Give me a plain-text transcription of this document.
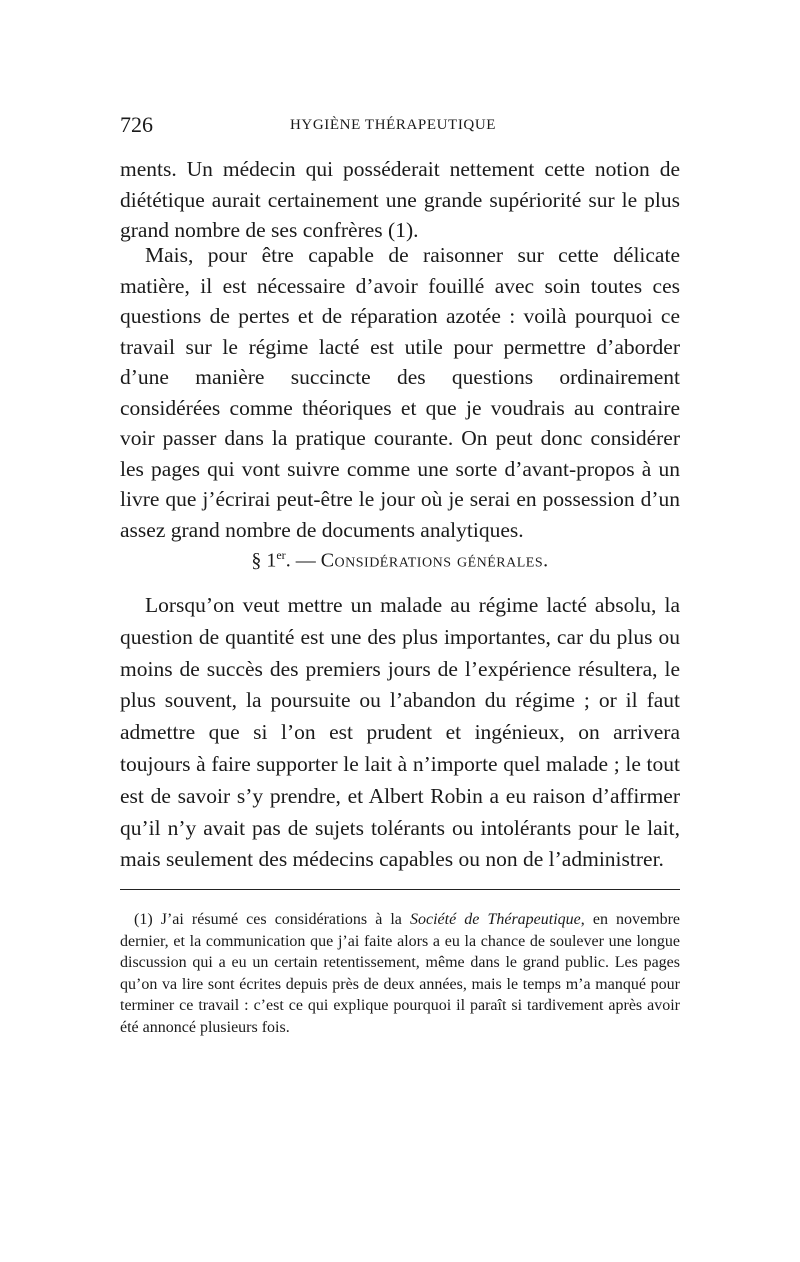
726	HYGIÈNE THÉRAPEUTIQUE

ments. Un médecin qui posséderait nettement cette notion de diététique aurait certainement une grande supériorité sur le plus grand nombre de ses confrères (1).

Mais, pour être capable de raisonner sur cette délicate matière, il est nécessaire d’avoir fouillé avec soin toutes ces questions de pertes et de réparation azotée : voilà pourquoi ce travail sur le régime lacté est utile pour permettre d’aborder d’une manière succincte des questions ordinairement considérées comme théoriques et que je voudrais au contraire voir passer dans la pratique courante. On peut donc considérer les pages qui vont suivre comme une sorte d’avant-propos à un livre que j’écrirai peut-être le jour où je serai en possession d’un assez grand nombre de documents analytiques.

§ 1er. — Considérations générales.

Lorsqu’on veut mettre un malade au régime lacté absolu, la question de quantité est une des plus importantes, car du plus ou moins de succès des premiers jours de l’expérience résultera, le plus souvent, la poursuite ou l’abandon du régime ; or il faut admettre que si l’on est prudent et ingénieux, on arrivera toujours à faire supporter le lait à n’importe quel malade ; le tout est de savoir s’y prendre, et Albert Robin a eu raison d’affirmer qu’il n’y avait pas de sujets tolérants ou intolérants pour le lait, mais seulement des médecins capables ou non de l’administrer.

(1) J’ai résumé ces considérations à la Société de Thérapeutique, en novembre dernier, et la communication que j’ai faite alors a eu la chance de soulever une longue discussion qui a eu un certain retentissement, même dans le grand public. Les pages qu’on va lire sont écrites depuis près de deux années, mais le temps m’a manqué pour terminer ce travail : c’est ce qui explique pourquoi il paraît si tardivement après avoir été annoncé plusieurs fois.
